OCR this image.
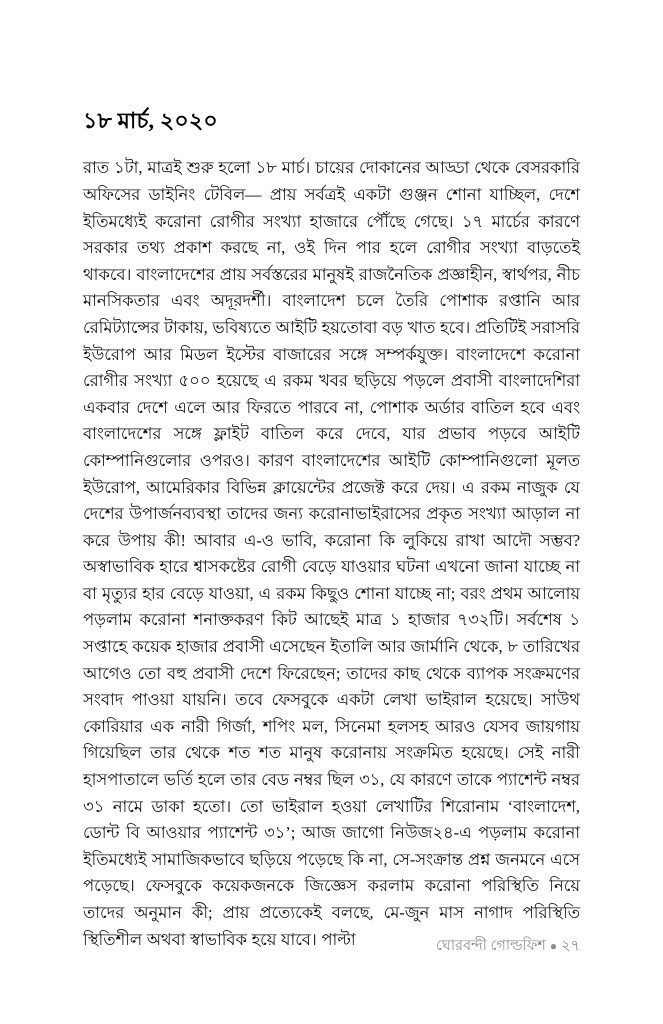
১৮ মার্চ, ২০২০

রাত ১টা, মাত্রই শুরু হলো ১৮ মার্চ। চায়ের দোকানের আড্ডা থেকে বেসরকারি অফিসের ডাইনিং টেবিল— প্রায় সর্বত্রই একটা গুঞ্জন শোনা যাচ্ছিল, দেশে ইতিমধ্যেই করোনা রোগীর সংখ্যা হাজারে পৌঁছে গেছে। ১৭ মার্চের কারণে সরকার তথ্য প্রকাশ করছে না, ওই দিন পার হলে রোগীর সংখ্যা বাড়তেই থাকবে। বাংলাদেশের প্রায় সর্বস্তরের মানুষই রাজনৈতিক প্রজ্ঞাহীন, স্বার্থপর, নীচ মানসিকতার এবং অদূরদর্শী। বাংলাদেশ চলে তৈরি পোশাক রপ্তানি আর রেমিট্যান্সের টাকায়, ভবিষ্যতে আইটি হয়তোবা বড় খাত হবে। প্রতিটিই সরাসরি ইউরোপ আর মিডল ইস্টের বাজারের সঙ্গে সম্পর্কযুক্ত। বাংলাদেশে করোনা রোগীর সংখ্যা ৫০০ হয়েছে এ রকম খবর ছড়িয়ে পড়লে প্রবাসী বাংলাদেশিরা একবার দেশে এলে আর ফিরতে পারবে না, পোশাক অর্ডার বাতিল হবে এবং বাংলাদেশের সঙ্গে ফ্লাইট বাতিল করে দেবে, যার প্রভাব পড়বে আইটি কোম্পানিগুলোর ওপরও। কারণ বাংলাদেশের আইটি কোম্পানিগুলো মূলত ইউরোপ, আমেরিকার বিভিন্ন ক্লায়েন্টের প্রজেক্ট করে দেয়। এ রকম নাজুক যে দেশের উপার্জনব্যবস্থা তাদের জন্য করোনাভাইরাসের প্রকৃত সংখ্যা আড়াল না করে উপায় কী! আবার এ-ও ভাবি, করোনা কি লুকিয়ে রাখা আদৌ সম্ভব? অস্বাভাবিক হারে শ্বাসকষ্টের রোগী বেড়ে যাওয়ার ঘটনা এখনো জানা যাচ্ছে না বা মৃত্যুর হার বেড়ে যাওয়া, এ রকম কিছুও শোনা যাচ্ছে না; বরং প্রথম আলোয় পড়লাম করোনা শনাক্তকরণ কিট আছেই মাত্র ১ হাজার ৭৩২টি। সর্বশেষ ১ সপ্তাহে কয়েক হাজার প্রবাসী এসেছেন ইতালি আর জার্মানি থেকে, ৮ তারিখের আগেও তো বহু প্রবাসী দেশে ফিরেছেন; তাদের কাছ থেকে ব্যাপক সংক্রমণের সংবাদ পাওয়া যায়নি। তবে ফেসবুকে একটা লেখা ভাইরাল হয়েছে। সাউথ কোরিয়ার এক নারী গির্জা, শপিং মল, সিনেমা হলসহ আরও যেসব জায়গায় গিয়েছিল তার থেকে শত শত মানুষ করোনায় সংক্রমিত হয়েছে। সেই নারী হাসপাতালে ভর্তি হলে তার বেড নম্বর ছিল ৩১, যে কারণে তাকে প্যাশেন্ট নম্বর ৩১ নামে ডাকা হতো। তো ভাইরাল হওয়া লেখাটির শিরোনাম ‘বাংলাদেশ, ডোন্ট বি আওয়ার প্যাশেন্ট ৩১’; আজ জাগো নিউজ২৪-এ পড়লাম করোনা ইতিমধ্যেই সামাজিকভাবে ছড়িয়ে পড়েছে কি না, সে-সংক্রান্ত প্রশ্ন জনমনে এসে পড়েছে। ফেসবুকে কয়েকজনকে জিজ্ঞেস করলাম করোনা পরিস্থিতি নিয়ে তাদের অনুমান কী; প্রায় প্রত্যেকেই বলছে, মে-জুন মাস নাগাদ পরিস্থিতি স্থিতিশীল অথবা স্বাভাবিক হয়ে যাবে। পাল্টা	ঘোরবন্দী গোল্ডফিশ ● ২৭
